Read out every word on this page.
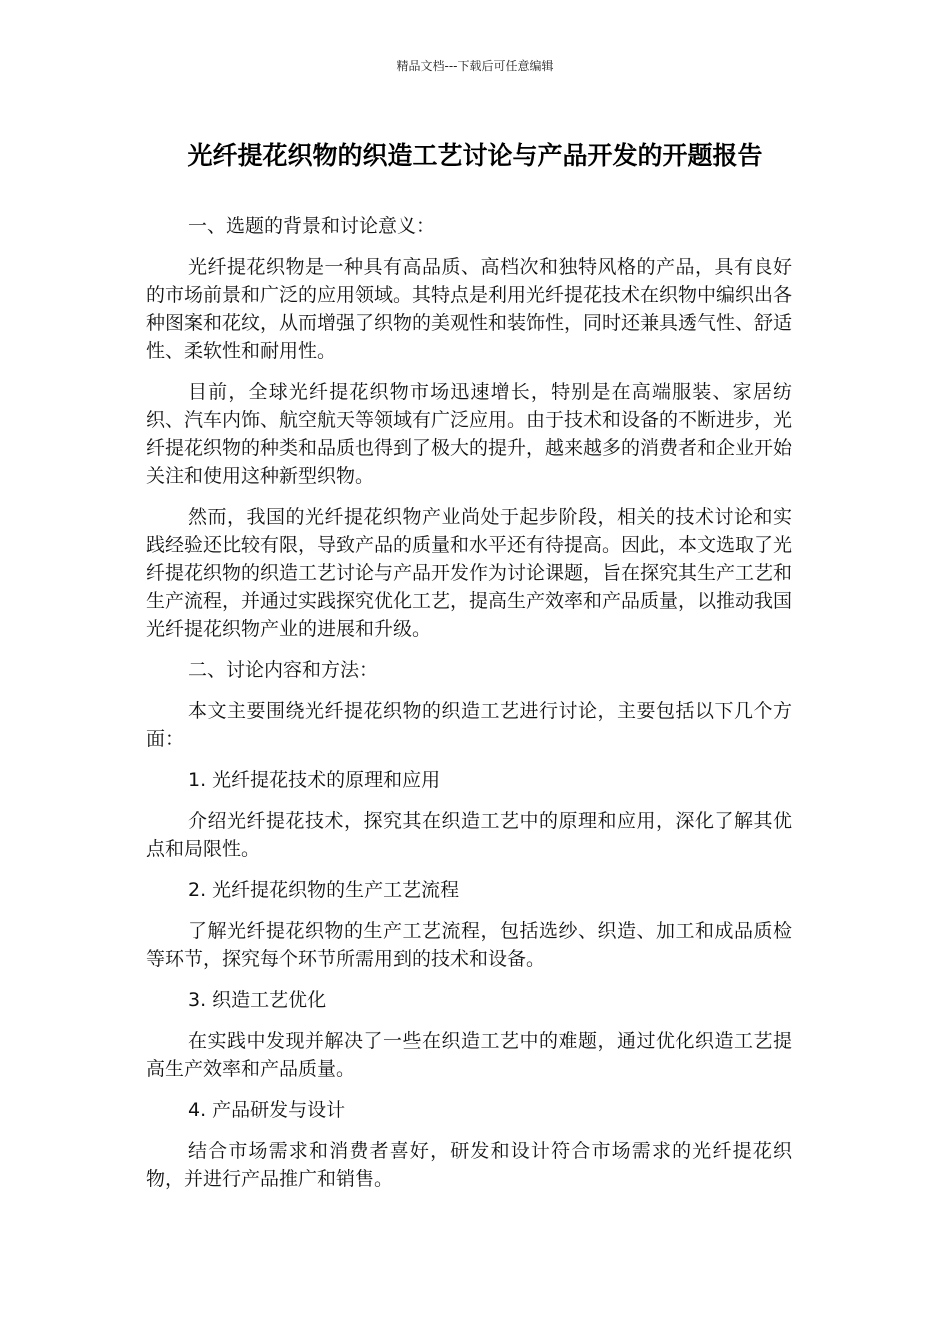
精品文档---下载后可任意编辑
光纤提花织物的织造工艺讨论与产品开发的开题报告

一、选题的背景和讨论意义：

光纤提花织物是一种具有高品质、高档次和独特风格的产品，具有良好的市场前景和广泛的应用领域。其特点是利用光纤提花技术在织物中编织出各种图案和花纹，从而增强了织物的美观性和装饰性，同时还兼具透气性、舒适性、柔软性和耐用性。

目前，全球光纤提花织物市场迅速增长，特别是在高端服装、家居纺织、汽车内饰、航空航天等领域有广泛应用。由于技术和设备的不断进步，光纤提花织物的种类和品质也得到了极大的提升，越来越多的消费者和企业开始关注和使用这种新型织物。

然而，我国的光纤提花织物产业尚处于起步阶段，相关的技术讨论和实践经验还比较有限，导致产品的质量和水平还有待提高。因此，本文选取了光纤提花织物的织造工艺讨论与产品开发作为讨论课题，旨在探究其生产工艺和生产流程，并通过实践探究优化工艺，提高生产效率和产品质量，以推动我国光纤提花织物产业的进展和升级。

二、讨论内容和方法：

本文主要围绕光纤提花织物的织造工艺进行讨论，主要包括以下几个方面：

1. 光纤提花技术的原理和应用

介绍光纤提花技术，探究其在织造工艺中的原理和应用，深化了解其优点和局限性。

2. 光纤提花织物的生产工艺流程

了解光纤提花织物的生产工艺流程，包括选纱、织造、加工和成品质检等环节，探究每个环节所需用到的技术和设备。

3. 织造工艺优化

在实践中发现并解决了一些在织造工艺中的难题，通过优化织造工艺提高生产效率和产品质量。

4. 产品研发与设计

结合市场需求和消费者喜好，研发和设计符合市场需求的光纤提花织物，并进行产品推广和销售。
